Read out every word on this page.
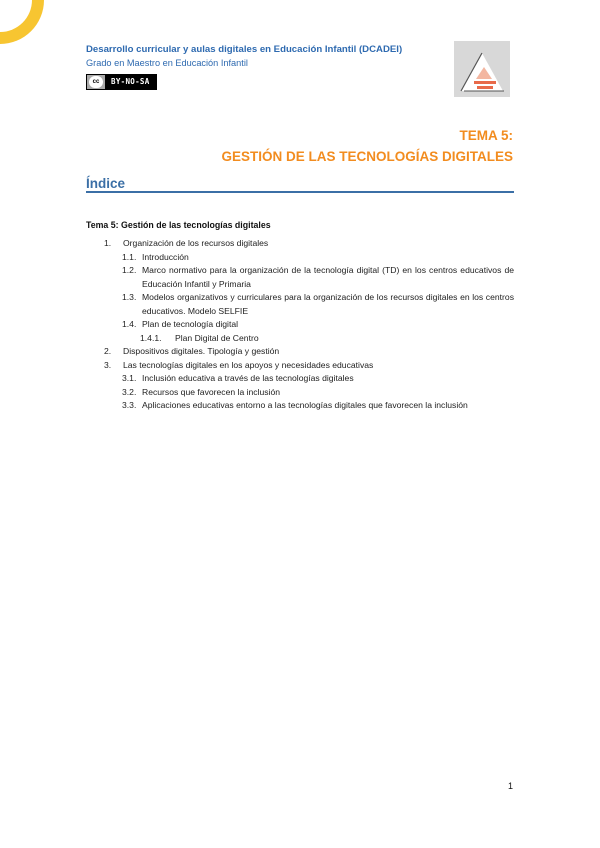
Desarrollo curricular y aulas digitales en Educación Infantil (DCADEI)
Grado en Maestro en Educación Infantil
cc	BY-NO-SA
TEMA 5:
GESTIÓN DE LAS TECNOLOGÍAS DIGITALES
Índice
Tema 5: Gestión de las tecnologías digitales
1. Organización de los recursos digitales
1.1. Introducción
1.2. Marco normativo para la organización de la tecnología digital (TD) en los centros educativos de Educación Infantil y Primaria
1.3. Modelos organizativos y curriculares para la organización de los recursos digitales en los centros educativos. Modelo SELFIE
1.4. Plan de tecnología digital
1.4.1. Plan Digital de Centro
2. Dispositivos digitales. Tipología y gestión
3. Las tecnologías digitales en los apoyos y necesidades educativas
3.1. Inclusión educativa a través de las tecnologías digitales
3.2. Recursos que favorecen la inclusión
3.3. Aplicaciones educativas entorno a las tecnologías digitales que favorecen la inclusión
1
